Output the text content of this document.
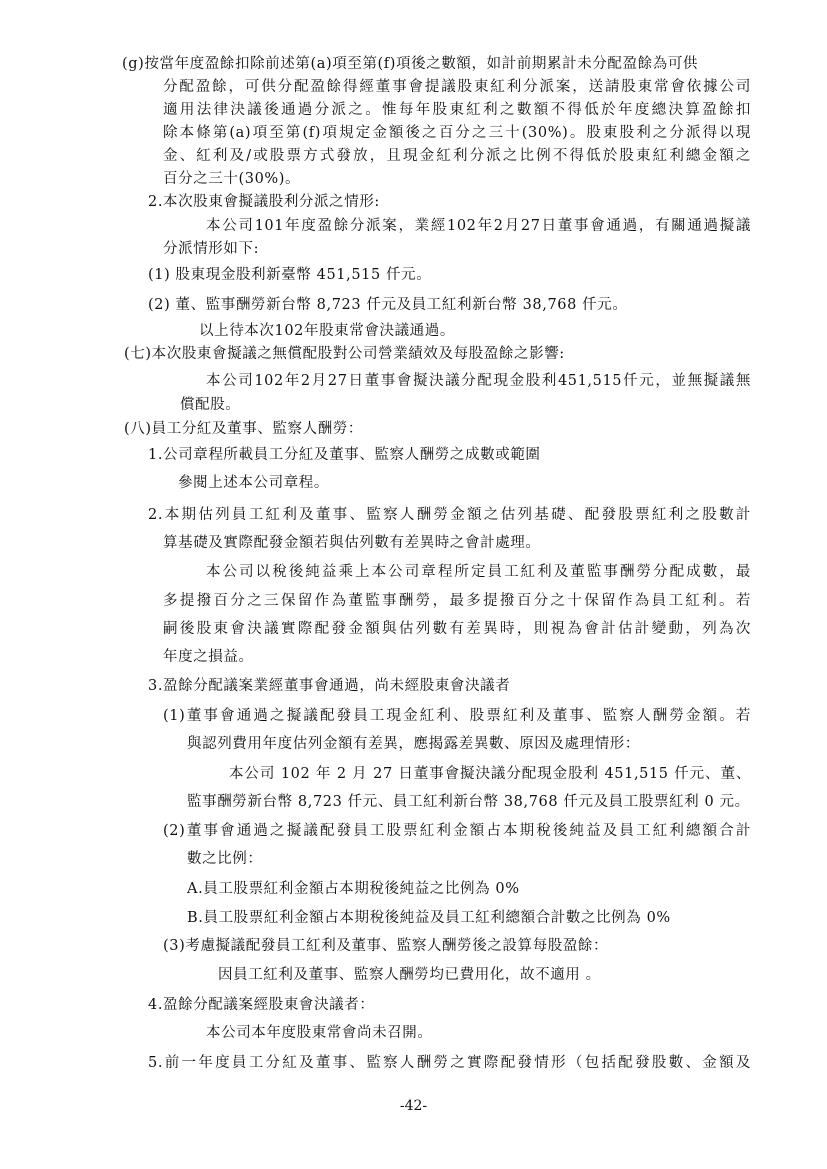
(g)按當年度盈餘扣除前述第(a)項至第(f)項後之數額，如計前期累計未分配盈餘為可供
分配盈餘，可供分配盈餘得經董事會提議股東紅利分派案，送請股東常會依據公司
適用法律決議後通過分派之。惟每年股東紅利之數額不得低於年度總決算盈餘扣
除本條第(a)項至第(f)項規定金額後之百分之三十(30%)。股東股利之分派得以現
金、紅利及/或股票方式發放，且現金紅利分派之比例不得低於股東紅利總金額之
百分之三十(30%)。
2.本次股東會擬議股利分派之情形:
本公司101年度盈餘分派案，業經102年2月27日董事會通過，有關通過擬議
分派情形如下:
(1) 股東現金股利新臺幣 451,515 仟元。
(2) 董、監事酬勞新台幣 8,723 仟元及員工紅利新台幣 38,768 仟元。
以上待本次102年股東常會決議通過。
(七)本次股東會擬議之無償配股對公司營業績效及每股盈餘之影響:
本公司102年2月27日董事會擬決議分配現金股利451,515仟元，並無擬議無
償配股。
(八)員工分紅及董事、監察人酬勞：
1.公司章程所載員工分紅及董事、監察人酬勞之成數或範圍
參閱上述本公司章程。
2.本期估列員工紅利及董事、監察人酬勞金額之估列基礎、配發股票紅利之股數計
算基礎及實際配發金額若與估列數有差異時之會計處理。
本公司以稅後純益乘上本公司章程所定員工紅利及董監事酬勞分配成數，最
多提撥百分之三保留作為董監事酬勞，最多提撥百分之十保留作為員工紅利。若
嗣後股東會決議實際配發金額與估列數有差異時，則視為會計估計變動，列為次
年度之損益。
3.盈餘分配議案業經董事會通過，尚未經股東會決議者
(1)董事會通過之擬議配發員工現金紅利、股票紅利及董事、監察人酬勞金額。若
與認列費用年度估列金額有差異，應揭露差異數、原因及處理情形：
本公司 102 年 2 月 27 日董事會擬決議分配現金股利 451,515 仟元、董、
監事酬勞新台幣 8,723 仟元、員工紅利新台幣 38,768 仟元及員工股票紅利 0 元。
(2)董事會通過之擬議配發員工股票紅利金額占本期稅後純益及員工紅利總額合計
數之比例：
A.員工股票紅利金額占本期稅後純益之比例為 0%
B.員工股票紅利金額占本期稅後純益及員工紅利總額合計數之比例為 0%
(3)考慮擬議配發員工紅利及董事、監察人酬勞後之設算每股盈餘：
因員工紅利及董事、監察人酬勞均已費用化，故不適用 。
4.盈餘分配議案經股東會決議者：
本公司本年度股東常會尚未召開。
5.前一年度員工分紅及董事、監察人酬勞之實際配發情形（包括配發股數、金額及
-42-
